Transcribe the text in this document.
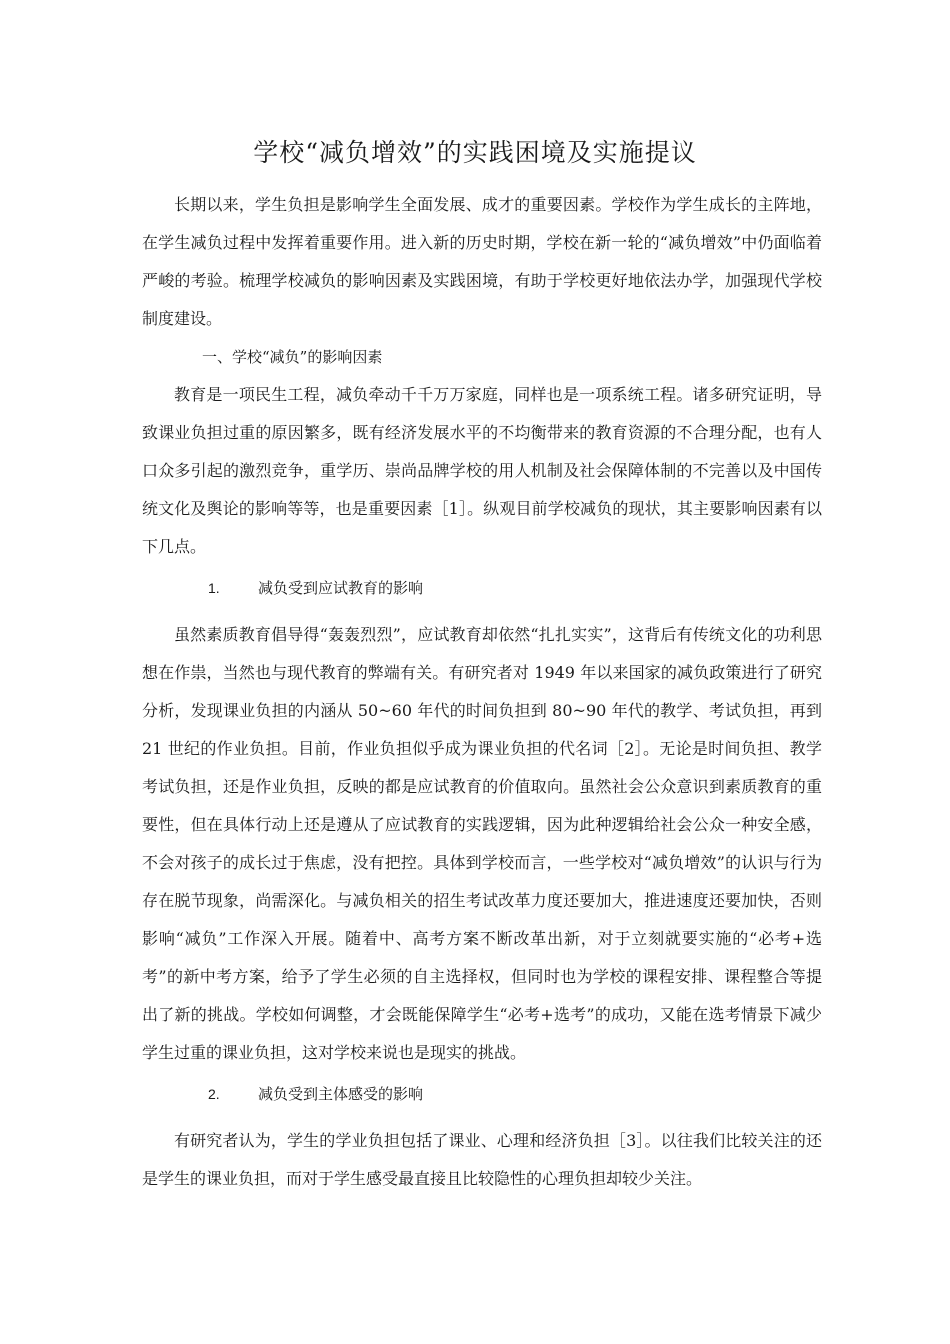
学校“减负增效”的实践困境及实施提议

长期以来，学生负担是影响学生全面发展、成才的重要因素。学校作为学生成长的主阵地，在学生减负过程中发挥着重要作用。进入新的历史时期，学校在新一轮的“减负增效”中仍面临着严峻的考验。梳理学校减负的影响因素及实践困境，有助于学校更好地依法办学，加强现代学校制度建设。

一、学校“减负”的影响因素

教育是一项民生工程，减负牵动千千万万家庭，同样也是一项系统工程。诸多研究证明，导致课业负担过重的原因繁多，既有经济发展水平的不均衡带来的教育资源的不合理分配，也有人口众多引起的激烈竞争，重学历、崇尚品牌学校的用人机制及社会保障体制的不完善以及中国传统文化及舆论的影响等等，也是重要因素［1］。纵观目前学校减负的现状，其主要影响因素有以下几点。

1.	减负受到应试教育的影响

虽然素质教育倡导得“轰轰烈烈”，应试教育却依然“扎扎实实”，这背后有传统文化的功利思想在作祟，当然也与现代教育的弊端有关。有研究者对 1949 年以来国家的减负政策进行了研究分析，发现课业负担的内涵从 50~60 年代的时间负担到 80~90 年代的教学、考试负担，再到 21 世纪的作业负担。目前，作业负担似乎成为课业负担的代名词［2］。无论是时间负担、教学考试负担，还是作业负担，反映的都是应试教育的价值取向。虽然社会公众意识到素质教育的重要性，但在具体行动上还是遵从了应试教育的实践逻辑，因为此种逻辑给社会公众一种安全感，不会对孩子的成长过于焦虑，没有把控。具体到学校而言，一些学校对“减负增效”的认识与行为存在脱节现象，尚需深化。与减负相关的招生考试改革力度还要加大，推进速度还要加快，否则影响“减负”工作深入开展。随着中、高考方案不断改革出新，对于立刻就要实施的“必考+选考”的新中考方案，给予了学生必须的自主选择权，但同时也为学校的课程安排、课程整合等提出了新的挑战。学校如何调整，才会既能保障学生“必考+选考”的成功，又能在选考情景下减少学生过重的课业负担，这对学校来说也是现实的挑战。

2.	减负受到主体感受的影响

有研究者认为，学生的学业负担包括了课业、心理和经济负担［3］。以往我们比较关注的还是学生的课业负担，而对于学生感受最直接且比较隐性的心理负担却较少关注。
